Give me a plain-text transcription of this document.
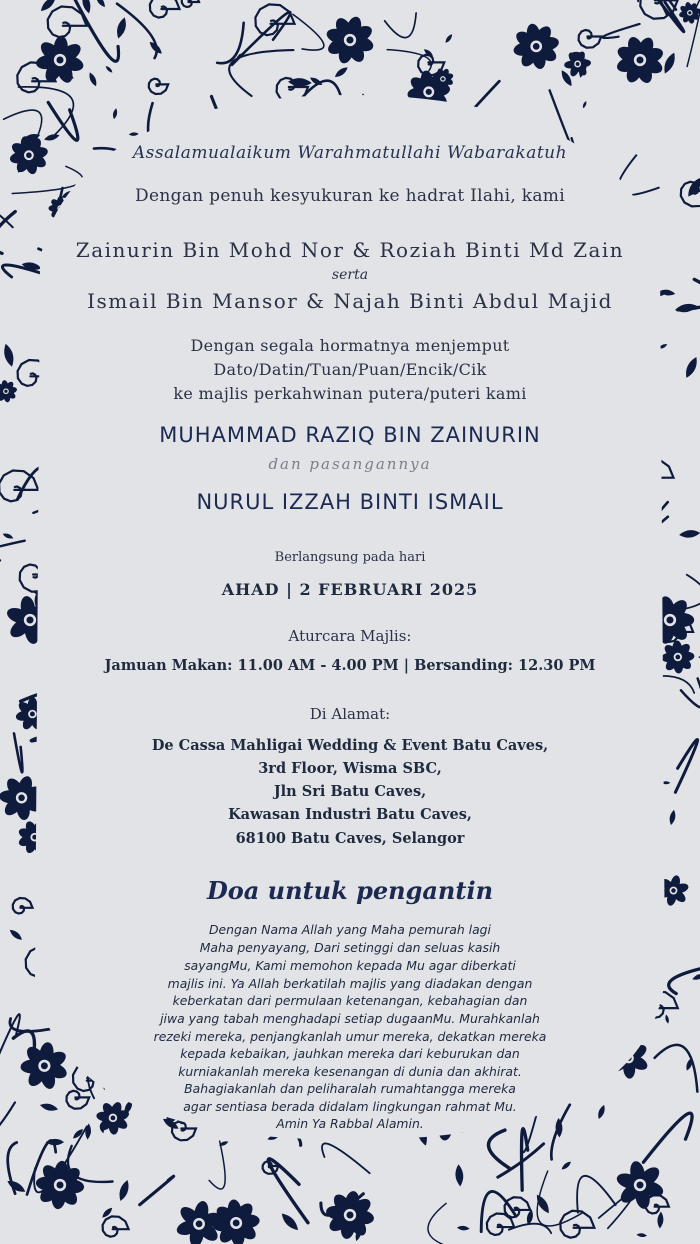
Assalamualaikum Warahmatullahi Wabarakatuh
Dengan penuh kesyukuran ke hadrat Ilahi, kami
Zainurin Bin Mohd Nor & Roziah Binti Md Zain
serta
Ismail Bin Mansor & Najah Binti Abdul Majid
Dengan segala hormatnya menjemput
Dato/Datin/Tuan/Puan/Encik/Cik
ke majlis perkahwinan putera/puteri kami
MUHAMMAD RAZIQ BIN ZAINURIN
dan pasangannya
NURUL IZZAH BINTI ISMAIL
Berlangsung pada hari
AHAD | 2 FEBRUARI 2025
Aturcara Majlis:
Jamuan Makan: 11.00 AM - 4.00 PM | Bersanding: 12.30 PM
Di Alamat:
De Cassa Mahligai Wedding & Event Batu Caves,
3rd Floor, Wisma SBC,
Jln Sri Batu Caves,
Kawasan Industri Batu Caves,
68100 Batu Caves, Selangor
Doa untuk pengantin
Dengan Nama Allah yang Maha pemurah lagi
Maha penyayang, Dari setinggi dan seluas kasih
sayangMu, Kami memohon kepada Mu agar diberkati
majlis ini. Ya Allah berkatilah majlis yang diadakan dengan
keberkatan dari permulaan ketenangan, kebahagian dan
jiwa yang tabah menghadapi setiap dugaanMu. Murahkanlah
rezeki mereka, penjangkanlah umur mereka, dekatkan mereka
kepada kebaikan, jauhkan mereka dari keburukan dan
kurniakanlah mereka kesenangan di dunia dan akhirat.
Bahagiakanlah dan peliharalah rumahtangga mereka
agar sentiasa berada didalam lingkungan rahmat Mu.
Amin Ya Rabbal Alamin.
